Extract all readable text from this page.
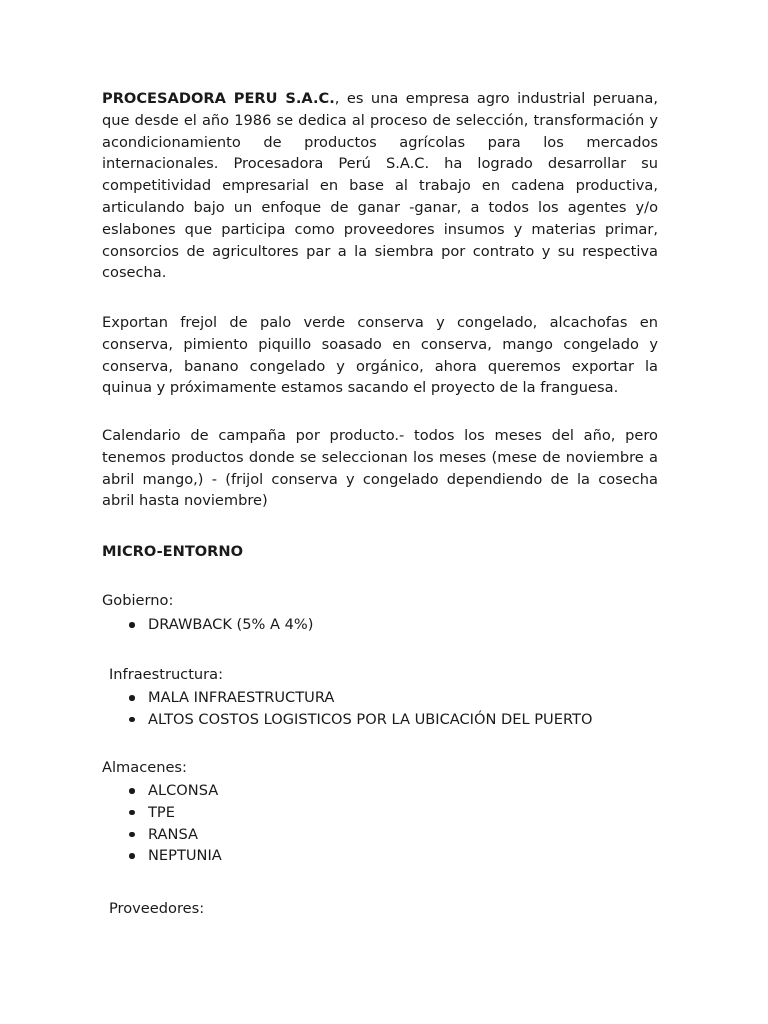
PROCESADORA PERU S.A.C., es una empresa agro industrial peruana, que desde el año 1986 se dedica al proceso de selección, transformación y acondicionamiento de productos agrícolas para los mercados internacionales. Procesadora Perú S.A.C. ha logrado desarrollar su competitividad empresarial en base al trabajo en cadena productiva, articulando bajo un enfoque de ganar -ganar, a todos los agentes y/o eslabones que participa como proveedores insumos y materias primar, consorcios de agricultores par a la siembra por contrato y su respectiva cosecha.

Exportan frejol de palo verde conserva y congelado, alcachofas en conserva, pimiento piquillo soasado en conserva, mango congelado y conserva, banano congelado y orgánico, ahora queremos exportar la quinua y próximamente estamos sacando el proyecto de la franguesa.

Calendario de campaña por producto.- todos los meses del año, pero tenemos productos donde se seleccionan los meses (mese de noviembre a abril mango,) - (frijol conserva y congelado dependiendo de la cosecha abril hasta noviembre)

MICRO-ENTORNO

Gobierno:

DRAWBACK (5% A 4%)

Infraestructura:

MALA INFRAESTRUCTURA
ALTOS COSTOS LOGISTICOS POR LA UBICACIÓN DEL PUERTO

Almacenes:

ALCONSA
TPE
RANSA
NEPTUNIA

Proveedores:
